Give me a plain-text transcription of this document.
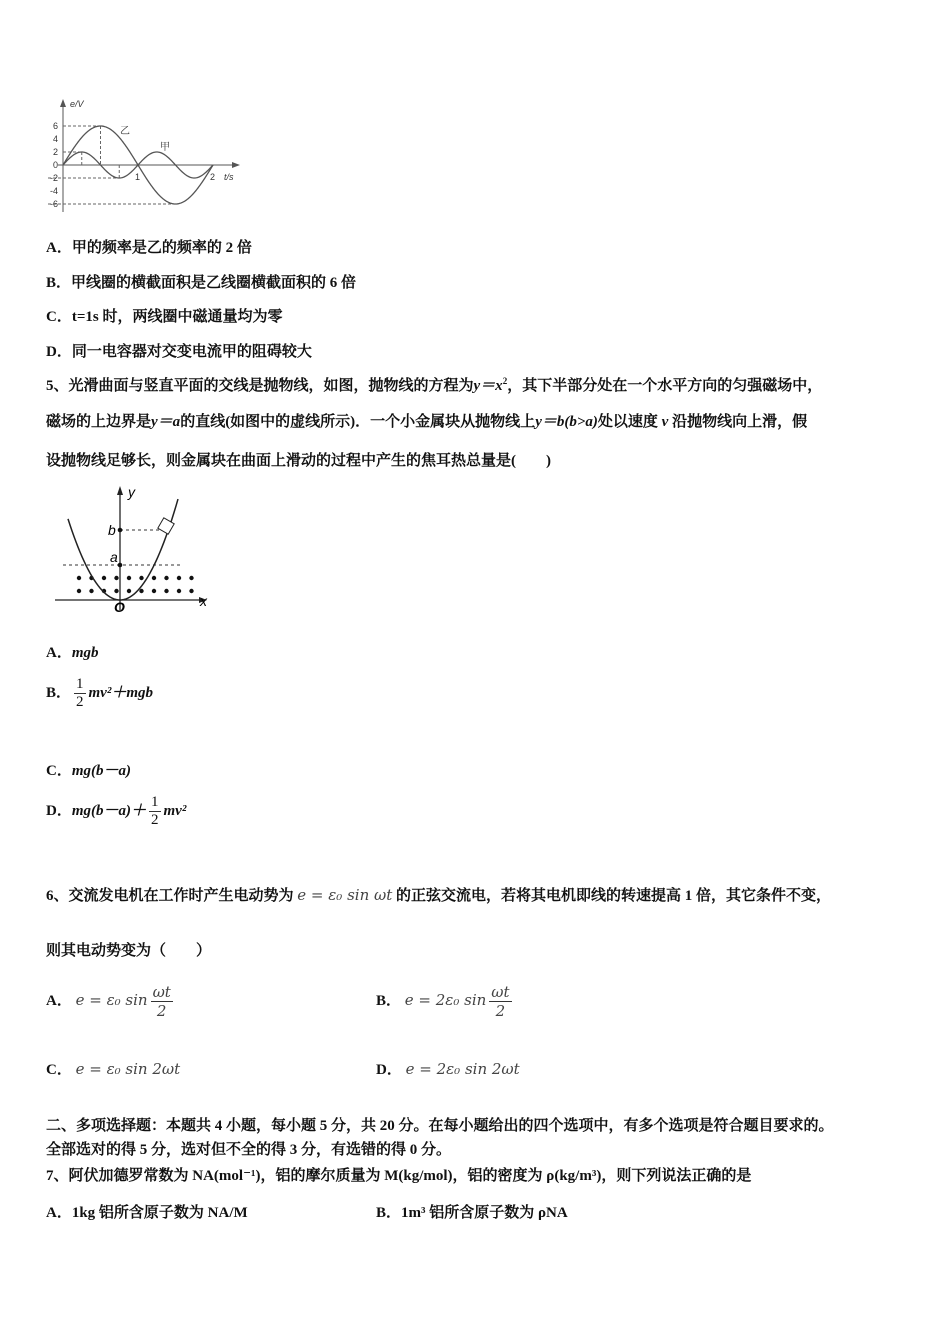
6
4
2
0
-2
-4
-6
1	2
e/V
t/s
乙
甲
A．甲的频率是乙的频率的 2 倍
B．甲线圈的横截面积是乙线圈横截面积的 6 倍
C．t=1s 时，两线圈中磁通量均为零
D．同一电容器对交变电流甲的阻碍较大
5、光滑曲面与竖直平面的交线是抛物线，如图，抛物线的方程为$y=x^2$，其下半部分处在一个水平方向的匀强磁场中，
磁场的上边界是y＝a的直线(如图中的虚线所示)．一个小金属块从抛物线上y＝b(b>a)处以速度 v 沿抛物线向上滑，假
设抛物线足够长，则金属块在曲面上滑动的过程中产生的焦耳热总量是(　　)
y
x
O
b
a
A．mgb
B． $\frac{1}{2} mv^2+mgb$
C．mg(b－a)
D．$mg(b-a)+ \frac{1}{2} mv^2$
6、交流发电机在工作时产生电动势为 e = ε₀ sin ωt 的正弦交流电，若将其电机即线的转速提高 1 倍，其它条件不变，
则其电动势变为（　　）
A． e = ε₀ $\sin \frac{\omega t}{2}$	B． e = 2ε₀ $\sin \frac{\omega t}{2}$
C． e = ε₀ sin 2ωt	D． e = 2ε₀ sin 2ωt
二、多项选择题：本题共 4 小题，每小题 5 分，共 20 分。在每小题给出的四个选项中，有多个选项是符合题目要求的。
全部选对的得 5 分，选对但不全的得 3 分，有选错的得 0 分。
7、阿伏加德罗常数为 NA(mol⁻¹)，铝的摩尔质量为 M(kg/mol)，铝的密度为 ρ(kg/m³)，则下列说法正确的是
A．1kg 铝所含原子数为 NA/M	B．1m³ 铝所含原子数为 ρNA
